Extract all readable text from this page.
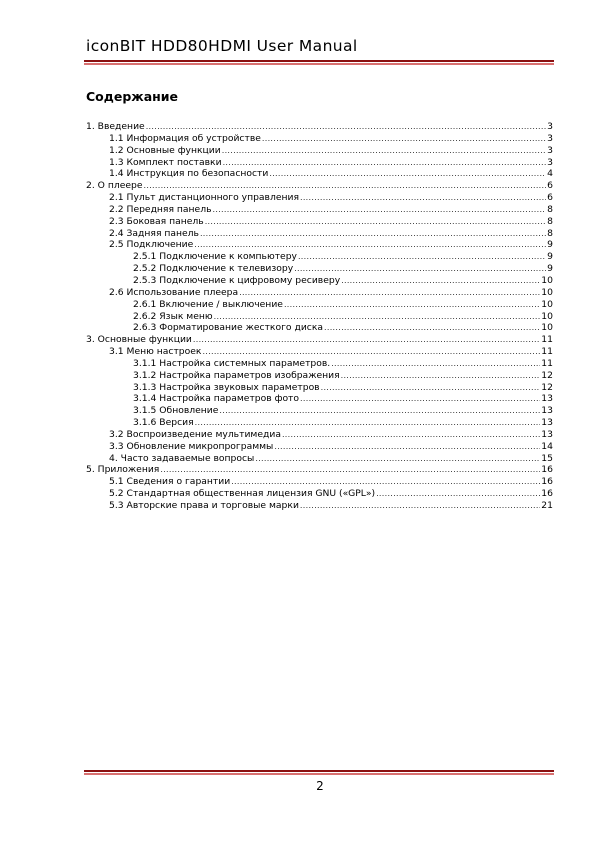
iconBIT HDD80HDMI User Manual
Содержание
1. Введение .....	3
1.1 Информация об устройстве .....	3
1.2 Основные функции .....	3
1.3 Комплект поставки .....	3
1.4 Инструкция по безопасности .....	4
2. О плеере .....	6
2.1 Пульт дистанционного управления .....	6
2.2 Передняя панель .....	8
2.3 Боковая панель .....	8
2.4 Задняя панель .....	8
2.5 Подключение .....	9
2.5.1 Подключение к компьютеру .....	9
2.5.2 Подключение к телевизору .....	9
2.5.3 Подключение к цифровому ресиверу .....	10
2.6 Использование плеера .....	10
2.6.1 Включение / выключение .....	10
2.6.2 Язык меню .....	10
2.6.3 Форматирование жесткого диска .....	10
3. Основные функции .....	11
3.1 Меню настроек .....	11
3.1.1 Настройка системных параметров. .....	11
3.1.2 Настройка параметров изображения .....	12
3.1.3 Настройка звуковых параметров .....	12
3.1.4 Настройка параметров фото .....	13
3.1.5 Обновление .....	13
3.1.6 Версия .....	13
3.2 Воспроизведение мультимедиа .....	13
3.3 Обновление микропрограммы .....	14
4. Часто задаваемые вопросы .....	15
5. Приложения .....	16
5.1 Сведения о гарантии .....	16
5.2 Стандартная общественная лицензия GNU («GPL») .....	16
5.3 Авторские права и торговые марки .....	21
2
